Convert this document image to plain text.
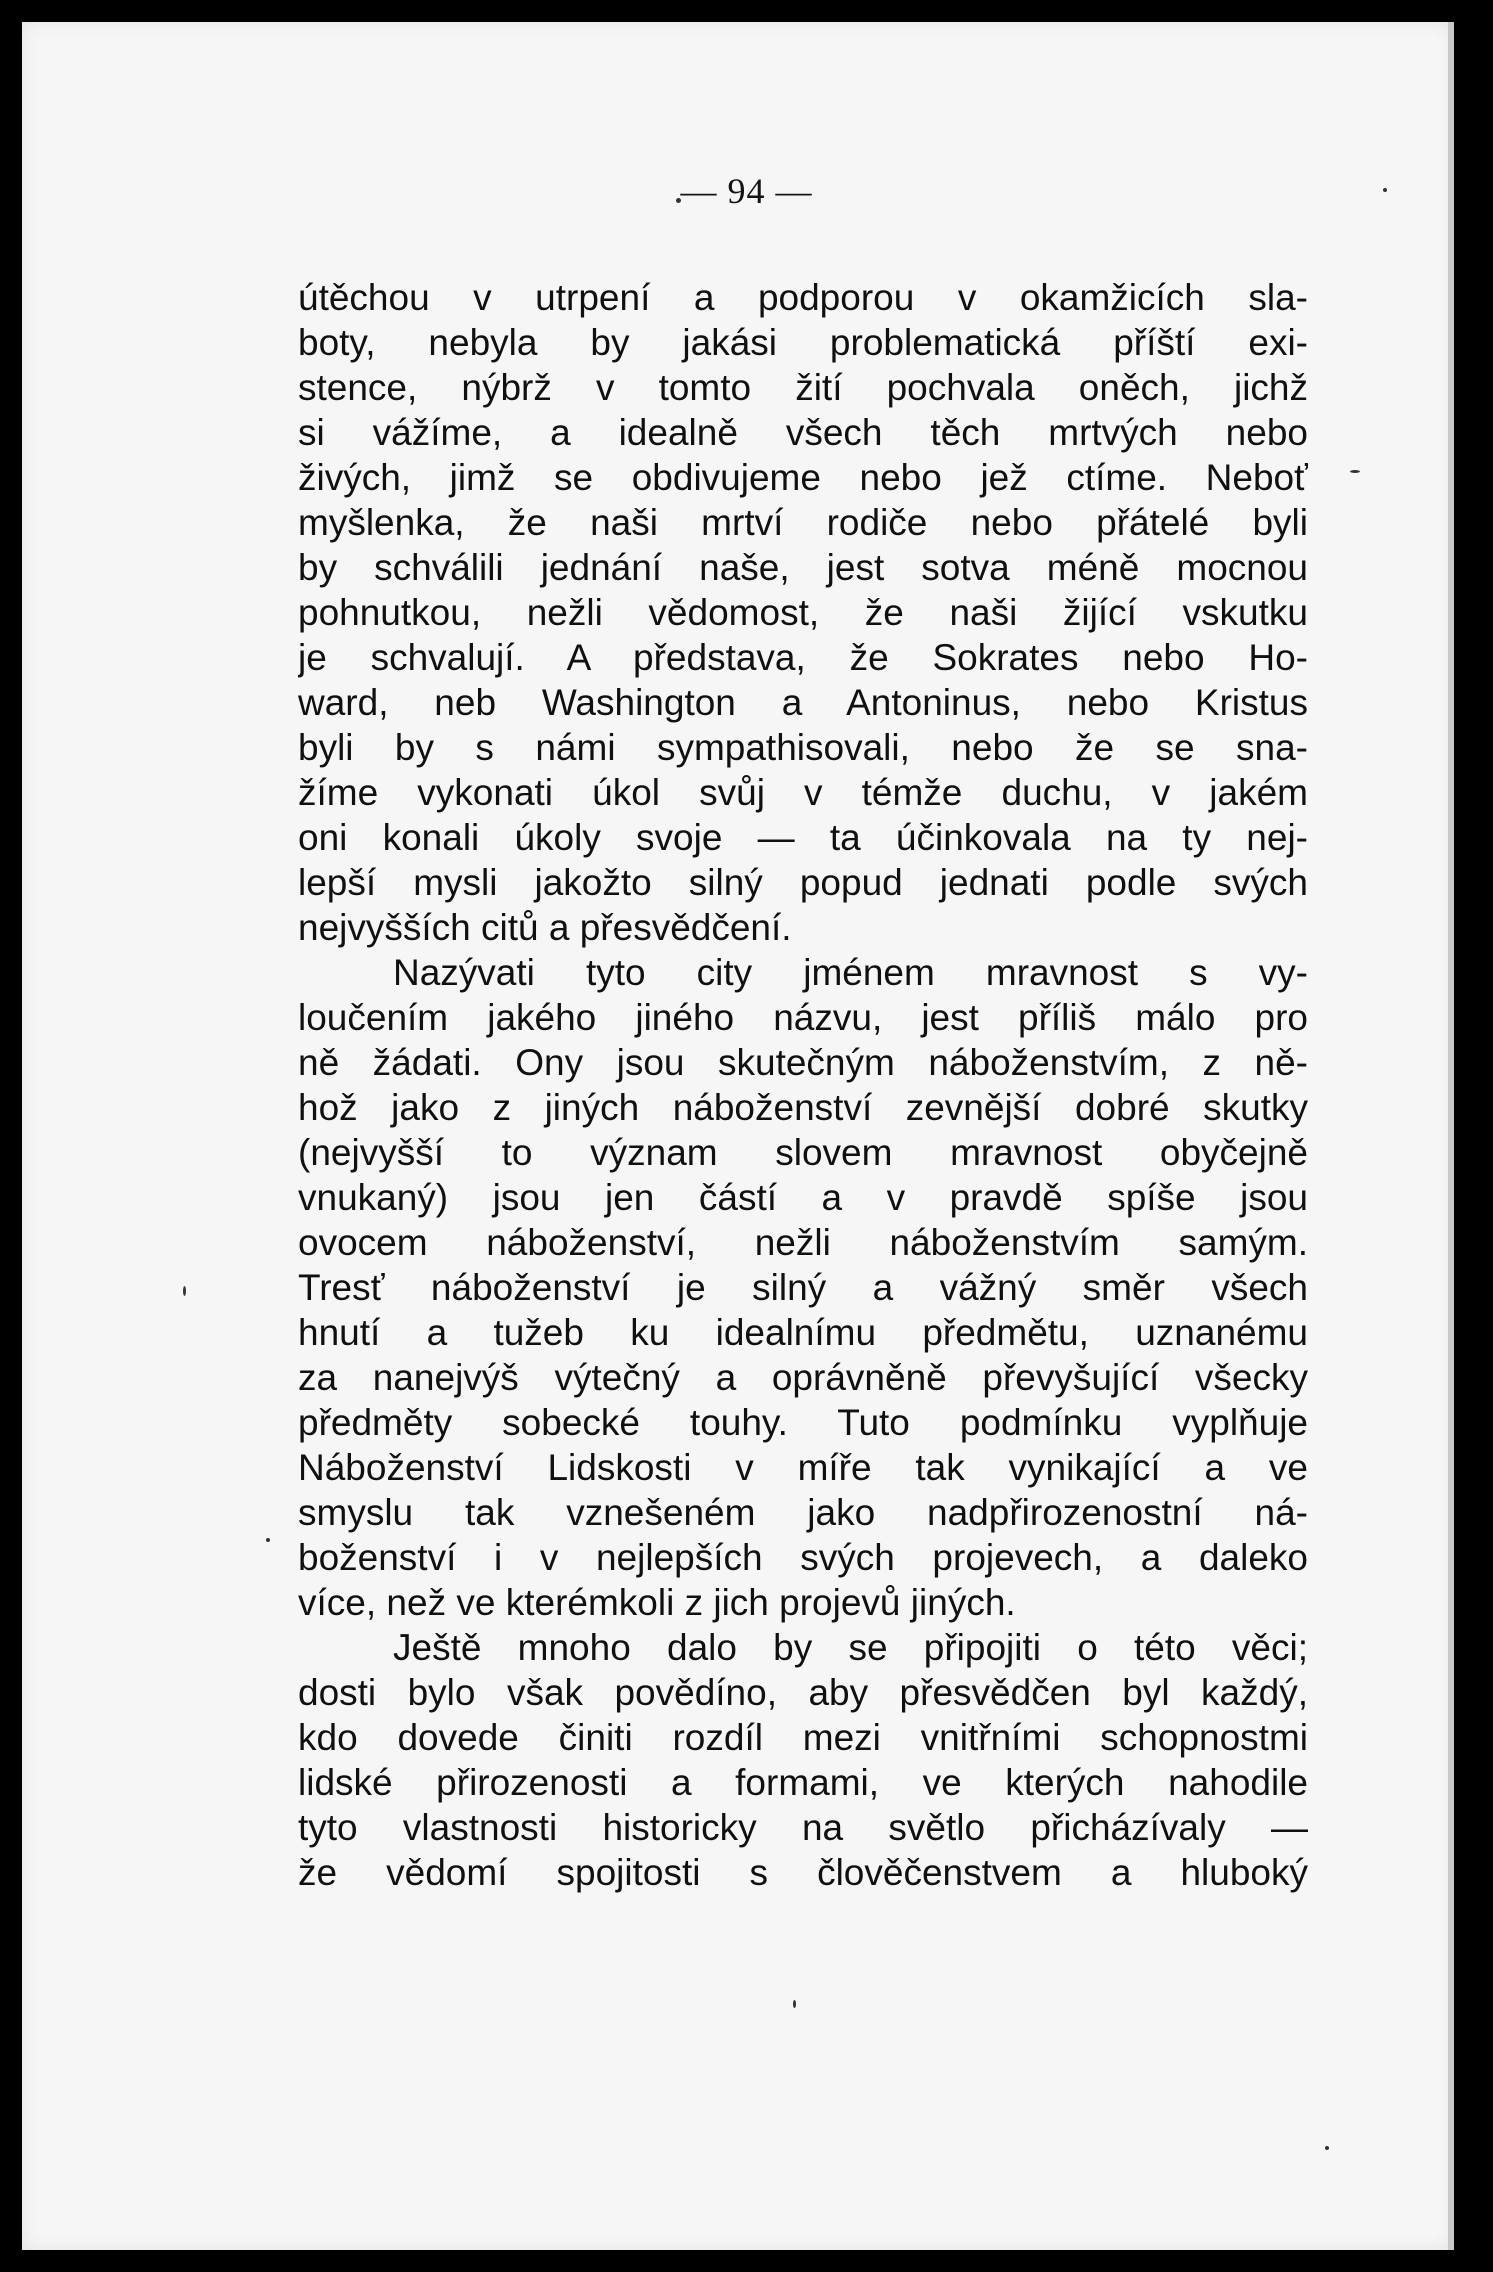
— 94 —
útěchou v utrpení a podporou v okamžicích sla-
boty, nebyla by jakási problematická příští exi-
stence, nýbrž v tomto žití pochvala oněch, jichž
si vážíme, a idealně všech těch mrtvých nebo
živých, jimž se obdivujeme nebo jež ctíme. Neboť
myšlenka, že naši mrtví rodiče nebo přátelé byli
by schválili jednání naše, jest sotva méně mocnou
pohnutkou, nežli vědomost, že naši žijící vskutku
je schvalují. A představa, že Sokrates nebo Ho-
ward, neb Washington a Antoninus, nebo Kristus
byli by s námi sympathisovali, nebo že se sna-
žíme vykonati úkol svůj v témže duchu, v jakém
oni konali úkoly svoje — ta účinkovala na ty nej-
lepší mysli jakožto silný popud jednati podle svých
nejvyšších citů a přesvědčení.
Nazývati tyto city jménem mravnost s vy-
loučením jakého jiného názvu, jest příliš málo pro
ně žádati. Ony jsou skutečným náboženstvím, z ně-
hož jako z jiných náboženství zevnější dobré skutky
(nejvyšší to význam slovem mravnost obyčejně
vnukaný) jsou jen částí a v pravdě spíše jsou
ovocem náboženství, nežli náboženstvím samým.
Tresť náboženství je silný a vážný směr všech
hnutí a tužeb ku idealnímu předmětu, uznanému
za nanejvýš výtečný a oprávněně převyšující všecky
předměty sobecké touhy. Tuto podmínku vyplňuje
Náboženství Lidskosti v míře tak vynikající a ve
smyslu tak vznešeném jako nadpřirozenostní ná-
boženství i v nejlepších svých projevech, a daleko
více, než ve kterémkoli z jich projevů jiných.
Ještě mnoho dalo by se připojiti o této věci;
dosti bylo však povědíno, aby přesvědčen byl každý,
kdo dovede činiti rozdíl mezi vnitřními schopnostmi
lidské přirozenosti a formami, ve kterých nahodile
tyto vlastnosti historicky na světlo přicházívaly —
že vědomí spojitosti s člověčenstvem a hluboký
